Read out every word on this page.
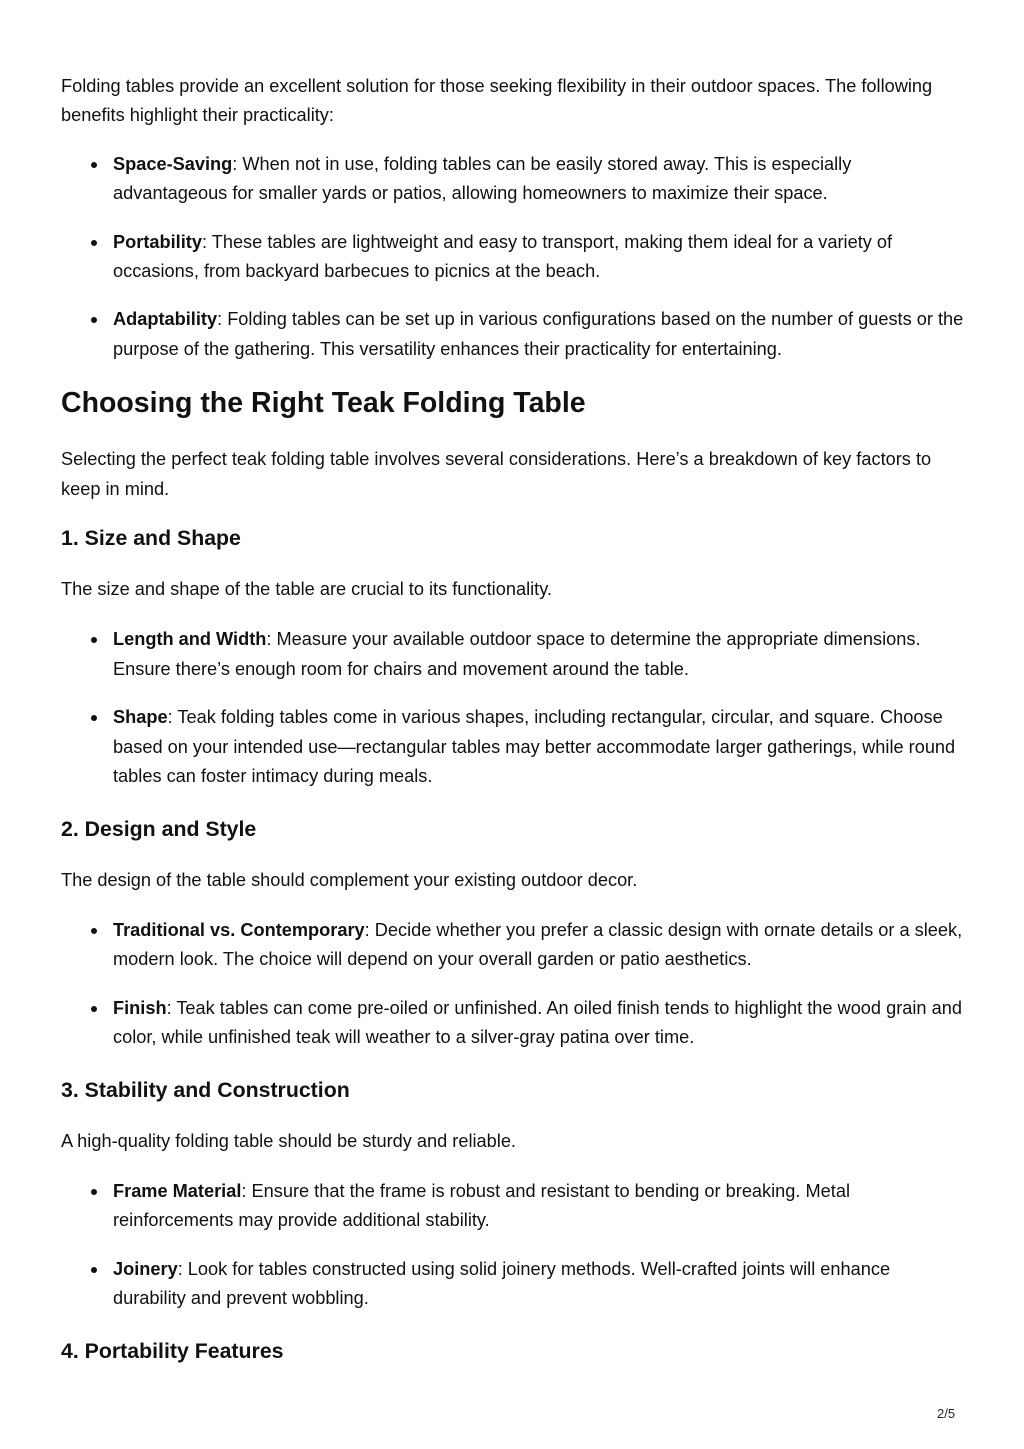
Folding tables provide an excellent solution for those seeking flexibility in their outdoor spaces. The following benefits highlight their practicality:

Space-Saving: When not in use, folding tables can be easily stored away. This is especially advantageous for smaller yards or patios, allowing homeowners to maximize their space.
Portability: These tables are lightweight and easy to transport, making them ideal for a variety of occasions, from backyard barbecues to picnics at the beach.
Adaptability: Folding tables can be set up in various configurations based on the number of guests or the purpose of the gathering. This versatility enhances their practicality for entertaining.
Choosing the Right Teak Folding Table

Selecting the perfect teak folding table involves several considerations. Here’s a breakdown of key factors to keep in mind.

1. Size and Shape

The size and shape of the table are crucial to its functionality.

Length and Width: Measure your available outdoor space to determine the appropriate dimensions. Ensure there’s enough room for chairs and movement around the table.
Shape: Teak folding tables come in various shapes, including rectangular, circular, and square. Choose based on your intended use—rectangular tables may better accommodate larger gatherings, while round tables can foster intimacy during meals.
2. Design and Style

The design of the table should complement your existing outdoor decor.

Traditional vs. Contemporary: Decide whether you prefer a classic design with ornate details or a sleek, modern look. The choice will depend on your overall garden or patio aesthetics.
Finish: Teak tables can come pre-oiled or unfinished. An oiled finish tends to highlight the wood grain and color, while unfinished teak will weather to a silver-gray patina over time.
3. Stability and Construction

A high-quality folding table should be sturdy and reliable.

Frame Material: Ensure that the frame is robust and resistant to bending or breaking. Metal reinforcements may provide additional stability.
Joinery: Look for tables constructed using solid joinery methods. Well-crafted joints will enhance durability and prevent wobbling.
4. Portability Features
2/5
